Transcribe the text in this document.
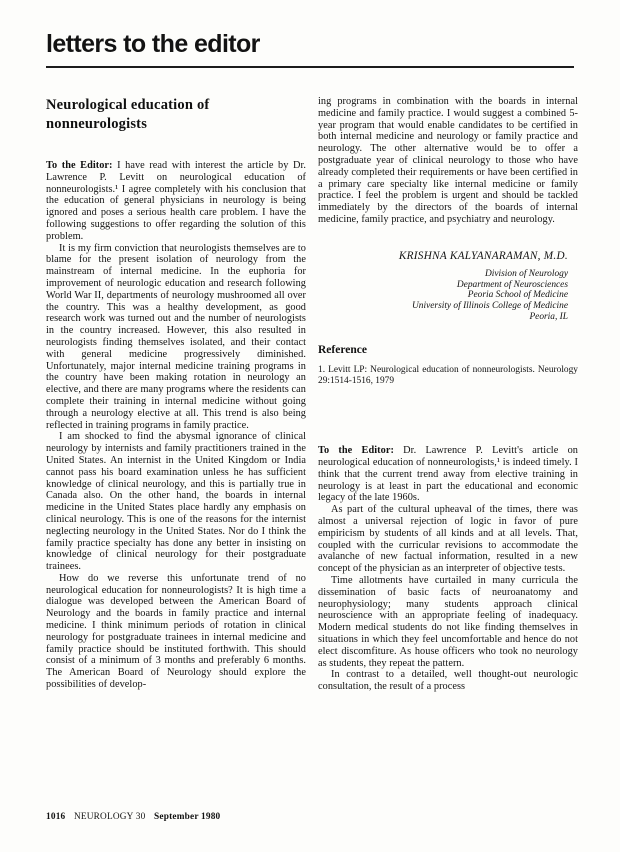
letters to the editor
Neurological education of nonneurologists

To the Editor: I have read with interest the article by Dr. Lawrence P. Levitt on neurological education of nonneurologists.¹ I agree completely with his conclusion that the education of general physicians in neurology is being ignored and poses a serious health care problem. I have the following suggestions to offer regarding the solution of this problem.

It is my firm conviction that neurologists themselves are to blame for the present isolation of neurology from the mainstream of internal medicine. In the euphoria for improvement of neurologic education and research following World War II, departments of neurology mushroomed all over the country. This was a healthy development, as good research work was turned out and the number of neurologists in the country increased. However, this also resulted in neurologists finding themselves isolated, and their contact with general medicine progressively diminished. Unfortunately, major internal medicine training programs in the country have been making rotation in neurology an elective, and there are many programs where the residents can complete their training in internal medicine without going through a neurology elective at all. This trend is also being reflected in training programs in family practice.

I am shocked to find the abysmal ignorance of clinical neurology by internists and family practitioners trained in the United States. An internist in the United Kingdom or India cannot pass his board examination unless he has sufficient knowledge of clinical neurology, and this is partially true in Canada also. On the other hand, the boards in internal medicine in the United States place hardly any emphasis on clinical neurology. This is one of the reasons for the internist neglecting neurology in the United States. Nor do I think the family practice specialty has done any better in insisting on knowledge of clinical neurology for their postgraduate trainees.

How do we reverse this unfortunate trend of no neurological education for nonneurologists? It is high time a dialogue was developed between the American Board of Neurology and the boards in family practice and internal medicine. I think minimum periods of rotation in clinical neurology for postgraduate trainees in internal medicine and family practice should be instituted forthwith. This should consist of a minimum of 3 months and preferably 6 months. The American Board of Neurology should explore the possibilities of develop-

ing programs in combination with the boards in internal medicine and family practice. I would suggest a combined 5-year program that would enable candidates to be certified in both internal medicine and neurology or family practice and neurology. The other alternative would be to offer a postgraduate year of clinical neurology to those who have already completed their requirements or have been certified in a primary care specialty like internal medicine or family practice. I feel the problem is urgent and should be tackled immediately by the directors of the boards of internal medicine, family practice, and psychiatry and neurology.

KRISHNA KALYANARAMAN, M.D.
Division of Neurology
Department of Neurosciences
Peoria School of Medicine
University of Illinois College of Medicine
Peoria, IL
Reference

1. Levitt LP: Neurological education of nonneurologists. Neurology 29:1514-1516, 1979

To the Editor: Dr. Lawrence P. Levitt's article on neurological education of nonneurologists,¹ is indeed timely. I think that the current trend away from elective training in neurology is at least in part the educational and economic legacy of the late 1960s.

As part of the cultural upheaval of the times, there was almost a universal rejection of logic in favor of pure empiricism by students of all kinds and at all levels. That, coupled with the curricular revisions to accommodate the avalanche of new factual information, resulted in a new concept of the physician as an interpreter of objective tests.

Time allotments have curtailed in many curricula the dissemination of basic facts of neuroanatomy and neurophysiology; many students approach clinical neuroscience with an appropriate feeling of inadequacy. Modern medical students do not like finding themselves in situations in which they feel uncomfortable and hence do not elect discomfiture. As house officers who took no neurology as students, they repeat the pattern.

In contrast to a detailed, well thought-out neurologic consultation, the result of a process

1016 NEUROLOGY 30 September 1980
